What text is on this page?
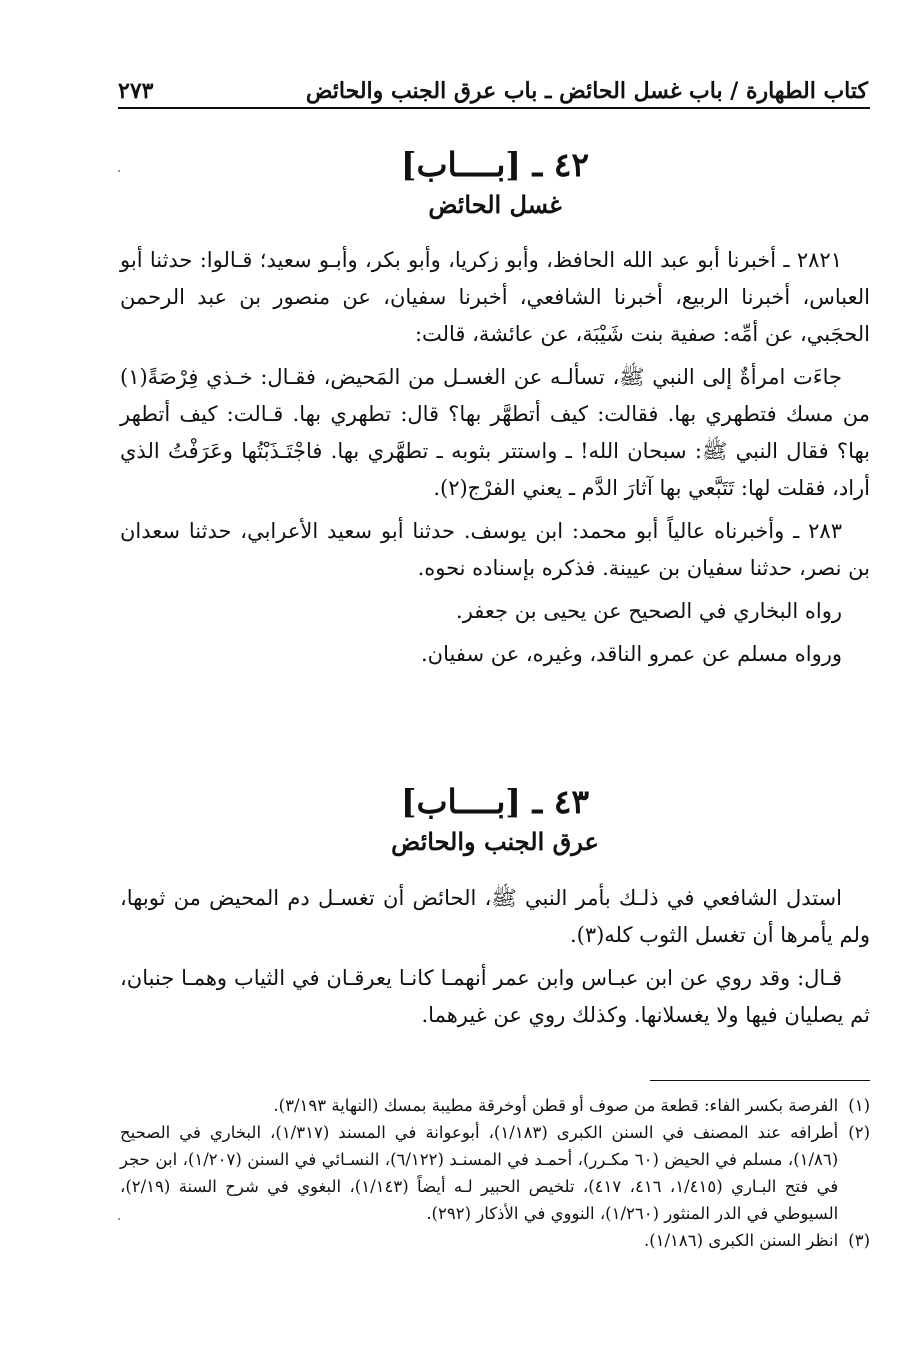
كتاب الطهارة / باب غسل الحائض ـ باب عرق الجنب والحائض
٢٧٣
٤٢ ـ [بــــاب]
غسل الحائض

٢٨٢١ ـ أخبرنا أبو عبد الله الحافظ، وأبو زكريا، وأبو بكر، وأبـو سعيد؛ قـالوا: حدثنا أبو العباس، أخبرنا الربيع، أخبرنا الشافعي، أخبرنا سفيان، عن منصور بن عبد الرحمن الحجَبي، عن أمِّه: صفية بنت شَيْبَة، عن عائشة، قالت:

جاءَت امرأةٌ إلى النبي ﷺ، تسألـه عن الغسـل من المَحيض، فقـال: خـذي فِرْصَةً(١) من مسك فتطهري بها. فقالت: كيف أتطهَّر بها؟ قال: تطهري بها. قـالت: كيف أتطهر بها؟ فقال النبي ﷺ: سبحان الله! ـ واستتر بثوبه ـ تطهَّري بها. فاجْتَـذَبْتُها وعَرَفْتُ الذي أراد، فقلت لها: تَتَبَّعي بها آثارَ الدَّم ـ يعني الفرْج(٢).

٢٨٣ ـ وأخبرناه عالياً أبو محمد: ابن يوسف. حدثنا أبو سعيد الأعرابي، حدثنا سعدان بن نصر، حدثنا سفيان بن عيينة. فذكره بإسناده نحوه.

رواه البخاري في الصحيح عن يحيى بن جعفر.

ورواه مسلم عن عمرو الناقد، وغيره، عن سفيان.

٤٣ ـ [بــــاب]
عرق الجنب والحائض

استدل الشافعي في ذلـك بأمر النبي ﷺ، الحائض أن تغسـل دم المحيض من ثوبها، ولم يأمرها أن تغسل الثوب كله(٣).

قـال: وقد روي عن ابن عبـاس وابن عمر أنهمـا كانـا يعرقـان في الثياب وهمـا جنبان، ثم يصليان فيها ولا يغسلانها. وكذلك روي عن غيرهما.

(١)
الفرصة بكسر الفاء: قطعة من صوف أو قطن أوخرقة مطيبة بمسك (النهاية ٣/١٩٣).
(٢)
أطرافه عند المصنف في السنن الكبرى (١/١٨٣)، أبوعوانة في المسند (١/٣١٧)، البخاري في الصحيح (١/٨٦)، مسلم في الحيض (٦٠ مكـرر)، أحمـد في المسنـد (٦/١٢٢)، النسـائي في السنن (١/٢٠٧)، ابن حجر في فتح البـاري (١/٤١٥، ٤١٦، ٤١٧)، تلخيص الحبير لـه أيضاً (١/١٤٣)، البغوي في شرح السنة (٢/١٩)، السيوطي في الدر المنثور (١/٢٦٠)، النووي في الأذكار (٢٩٢).
(٣)
انظر السنن الكبرى (١/١٨٦).
